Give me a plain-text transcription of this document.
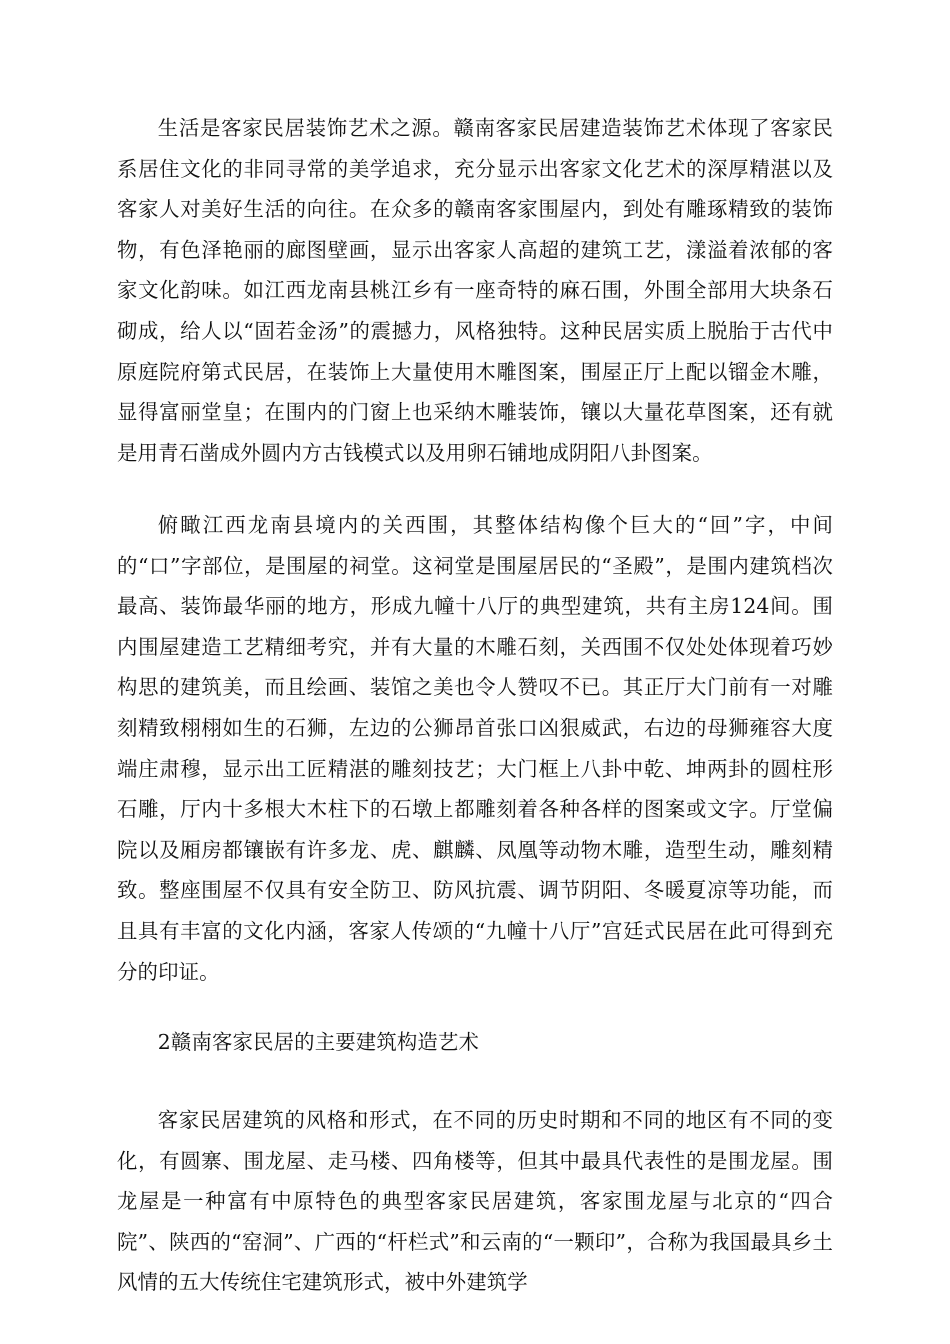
生活是客家民居装饰艺术之源。赣南客家民居建造装饰艺术体现了客家民系居住文化的非同寻常的美学追求，充分显示出客家文化艺术的深厚精湛以及客家人对美好生活的向往。在众多的赣南客家围屋内，到处有雕琢精致的装饰物，有色泽艳丽的廊图壁画，显示出客家人高超的建筑工艺，漾溢着浓郁的客家文化韵味。如江西龙南县桃江乡有一座奇特的麻石围，外围全部用大块条石砌成，给人以“固若金汤”的震撼力，风格独特。这种民居实质上脱胎于古代中原庭院府第式民居，在装饰上大量使用木雕图案，围屋正厅上配以镏金木雕，显得富丽堂皇；在围内的门窗上也采纳木雕装饰，镶以大量花草图案，还有就是用青石凿成外圆内方古钱模式以及用卵石铺地成阴阳八卦图案。

俯瞰江西龙南县境内的关西围，其整体结构像个巨大的“回”字，中间的“口”字部位，是围屋的祠堂。这祠堂是围屋居民的“圣殿”，是围内建筑档次最高、装饰最华丽的地方，形成九幢十八厅的典型建筑，共有主房124间。围内围屋建造工艺精细考究，并有大量的木雕石刻，关西围不仅处处体现着巧妙构思的建筑美，而且绘画、装馆之美也令人赞叹不已。其正厅大门前有一对雕刻精致栩栩如生的石狮，左边的公狮昂首张口凶狠威武，右边的母狮雍容大度端庄肃穆，显示出工匠精湛的雕刻技艺；大门框上八卦中乾、坤两卦的圆柱形石雕，厅内十多根大木柱下的石墩上都雕刻着各种各样的图案或文字。厅堂偏院以及厢房都镶嵌有许多龙、虎、麒麟、凤凰等动物木雕，造型生动，雕刻精致。整座围屋不仅具有安全防卫、防风抗震、调节阴阳、冬暖夏凉等功能，而且具有丰富的文化内涵，客家人传颂的“九幢十八厅”宫廷式民居在此可得到充分的印证。

2赣南客家民居的主要建筑构造艺术

客家民居建筑的风格和形式，在不同的历史时期和不同的地区有不同的变化，有圆寨、围龙屋、走马楼、四角楼等，但其中最具代表性的是围龙屋。围龙屋是一种富有中原特色的典型客家民居建筑，客家围龙屋与北京的“四合院”、陕西的“窑洞”、广西的“杆栏式”和云南的“一颗印”，合称为我国最具乡土风情的五大传统住宅建筑形式，被中外建筑学
